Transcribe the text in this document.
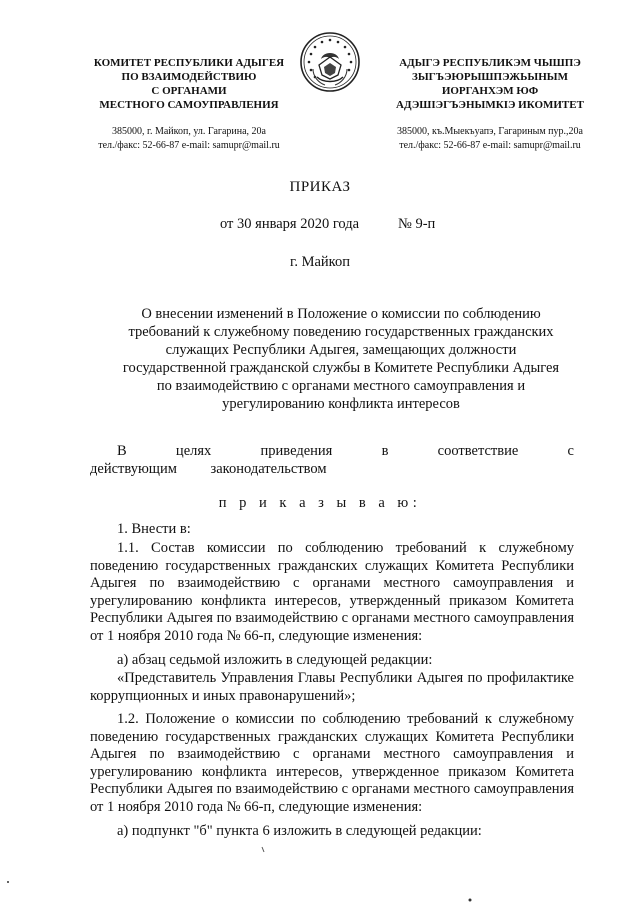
КОМИТЕТ РЕСПУБЛИКИ АДЫГЕЯ
ПО ВЗАИМОДЕЙСТВИЮ
С ОРГАНАМИ
МЕСТНОГО САМОУПРАВЛЕНИЯ
АДЫГЭ РЕСПУБЛИКЭМ ЧЫШПЭ
ЗЫГЪЭЮРЫШПЭЖЬЫНЫМ
ИОРГАНХЭМ ЮФ
АДЭШІЭГЪЭНЫМКІЭ ИКОМИТЕТ
385000, г. Майкоп, ул. Гагарина, 20а
тел./факс: 52-66-87 e-mail: samupr@mail.ru
385000, къ.Мыекъуапэ, Гагариным пур.,20а
тел./факс: 52-66-87 e-mail: samupr@mail.ru
ПРИКАЗ
от 30 января 2020 года	№ 9-п
г. Майкоп
О внесении изменений в Положение о комиссии по соблюдению
требований к служебному поведению государственных гражданских
служащих Республики Адыгея, замещающих должности
государственной гражданской службы в Комитете Республики Адыгея
по взаимодействию с органами местного самоуправления и
урегулированию конфликта интересов
В целях приведения в соответствие с действующим законодательством
п р и к а з ы в а ю:
1. Внести в:
1.1. Состав комиссии по соблюдению требований к служебному поведению государственных гражданских служащих Комитета Республики Адыгея по взаимодействию с органами местного самоуправления и урегулированию конфликта интересов, утвержденный приказом Комитета Республики Адыгея по взаимодействию с органами местного самоуправления от 1 ноября 2010 года № 66-п, следующие изменения:
а) абзац седьмой изложить в следующей редакции:
«Представитель Управления Главы Республики Адыгея по профилактике коррупционных и иных правонарушений»;
1.2. Положение о комиссии по соблюдению требований к служебному поведению государственных гражданских служащих Комитета Республики Адыгея по взаимодействию с органами местного самоуправления и урегулированию конфликта интересов, утвержденное приказом Комитета Республики Адыгея по взаимодействию с органами местного самоуправления от 1 ноября 2010 года № 66-п, следующие изменения:
а) подпункт "б" пункта 6 изложить в следующей редакции:
